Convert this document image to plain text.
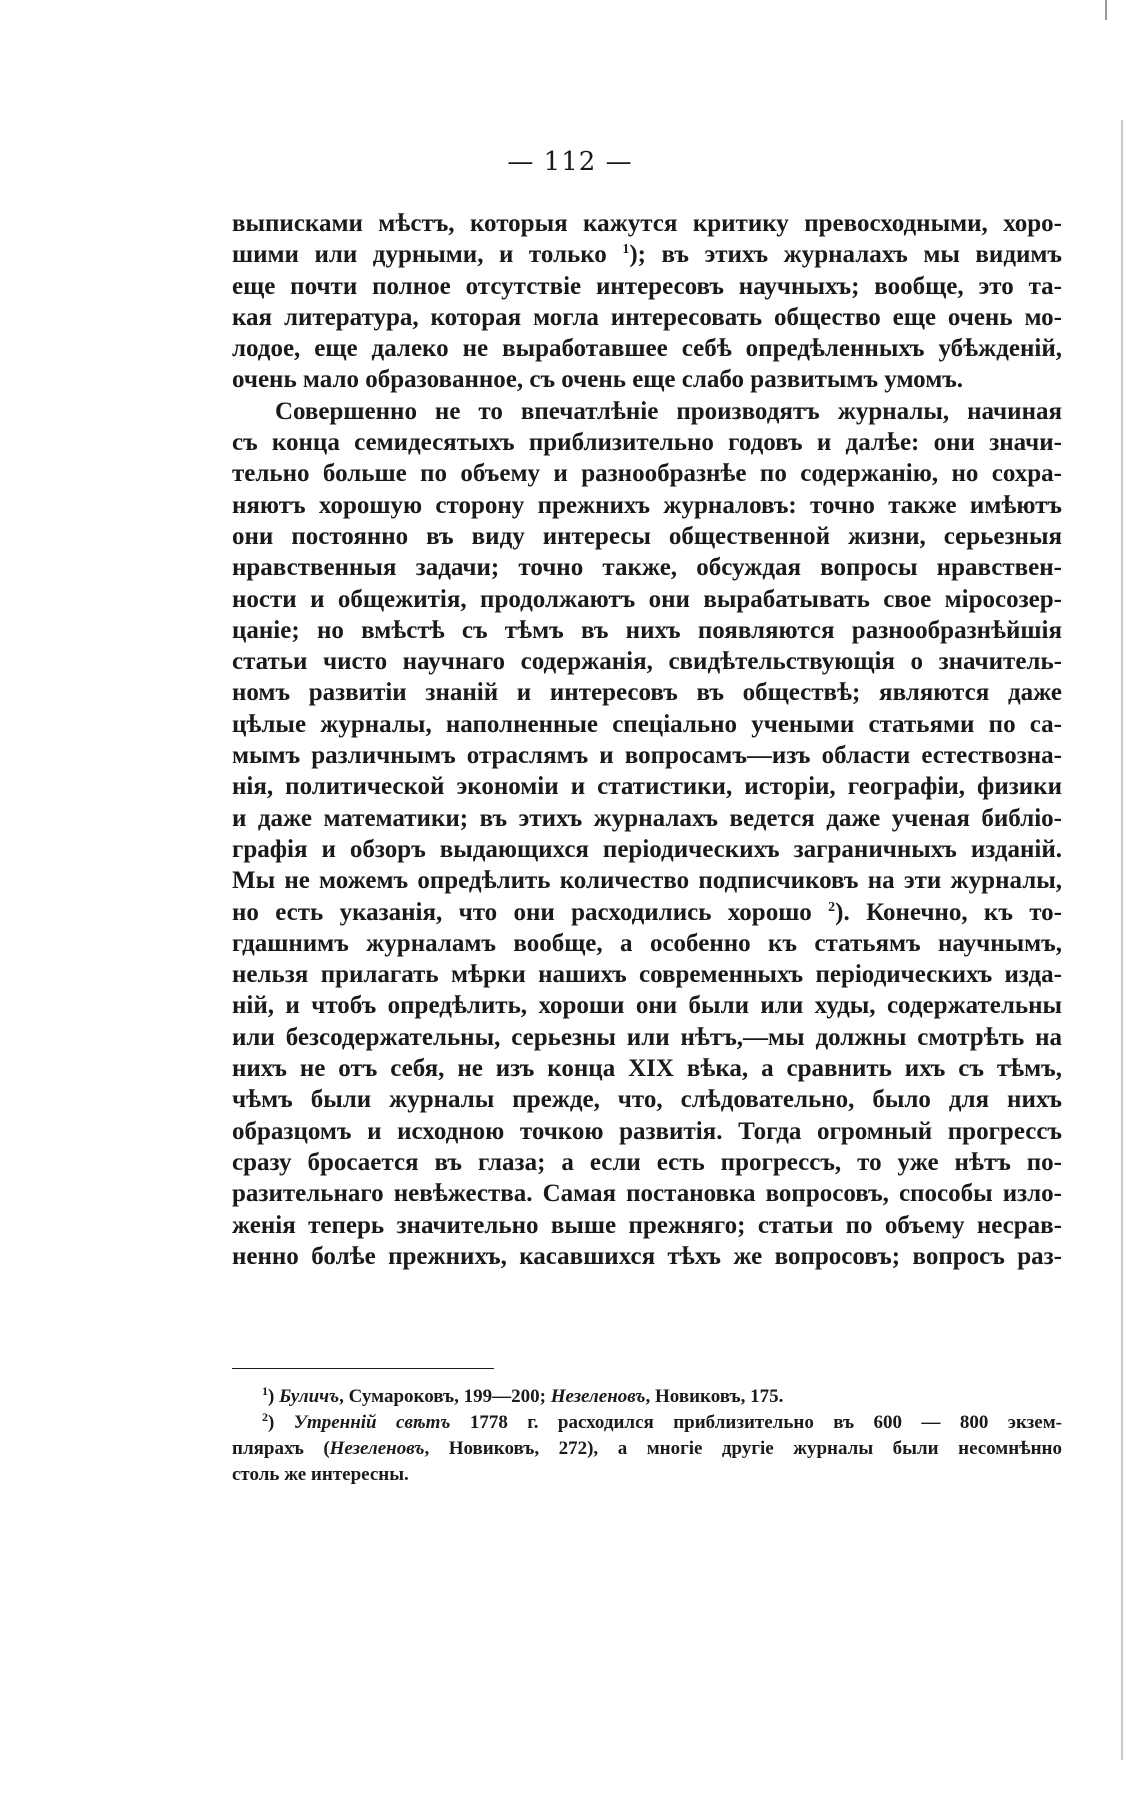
— 112 —
выписками мѣстъ, которыя кажутся критику превосходными, хоро-
шими или дурными, и только $^1$); въ этихъ журналахъ мы видимъ
еще почти полное отсутствіе интересовъ научныхъ; вообще, это та-
кая литература, которая могла интересовать общество еще очень мо-
лодое, еще далеко не выработавшее себѣ опредѣленныхъ убѣжденій,
очень мало образованное, съ очень еще слабо развитымъ умомъ.
Совершенно не то впечатлѣніе производятъ журналы, начиная
съ конца семидесятыхъ приблизительно годовъ и далѣе: они значи-
тельно больше по объему и разнообразнѣе по содержанію, но сохра-
няютъ хорошую сторону прежнихъ журналовъ: точно также имѣютъ
они постоянно въ виду интересы общественной жизни, серьезныя
нравственныя задачи; точно также, обсуждая вопросы нравствен-
ности и общежитія, продолжаютъ они вырабатывать свое міросозер-
цаніе; но вмѣстѣ съ тѣмъ въ нихъ появляются разнообразнѣйшія
статьи чисто научнаго содержанія, свидѣтельствующія о значитель-
номъ развитіи знаній и интересовъ въ обществѣ; являются даже
цѣлые журналы, наполненные спеціально учеными статьями по са-
мымъ различнымъ отраслямъ и вопросамъ—изъ области естествозна-
нія, политической экономіи и статистики, исторіи, географіи, физики
и даже математики; въ этихъ журналахъ ведется даже ученая библіо-
графія и обзоръ выдающихся періодическихъ заграничныхъ изданій.
Мы не можемъ опредѣлить количество подписчиковъ на эти журналы,
но есть указанія, что они расходились хорошо $^2$). Конечно, къ то-
гдашнимъ журналамъ вообще, а особенно къ статьямъ научнымъ,
нельзя прилагать мѣрки нашихъ современныхъ періодическихъ изда-
ній, и чтобъ опредѣлить, хороши они были или худы, содержательны
или безсодержательны, серьезны или нѣтъ,—мы должны смотрѣть на
нихъ не отъ себя, не изъ конца XIX вѣка, а сравнить ихъ съ тѣмъ,
чѣмъ были журналы прежде, что, слѣдовательно, было для нихъ
образцомъ и исходною точкою развитія. Тогда огромный прогрессъ
сразу бросается въ глаза; а если есть прогрессъ, то уже нѣтъ по-
разительнаго невѣжества. Самая постановка вопросовъ, способы изло-
женія теперь значительно выше прежняго; статьи по объему несрав-
ненно болѣе прежнихъ, касавшихся тѣхъ же вопросовъ; вопросъ раз-
$^1$) Буличъ, Сумароковъ, 199—200; Незеленовъ, Новиковъ, 175.
$^2$) Утренній свѣтъ 1778 г. расходился приблизительно въ 600 — 800 экзем-
плярахъ (Незеленовъ, Новиковъ, 272), а многіе другіе журналы были несомнѣнно
столь же интересны.
